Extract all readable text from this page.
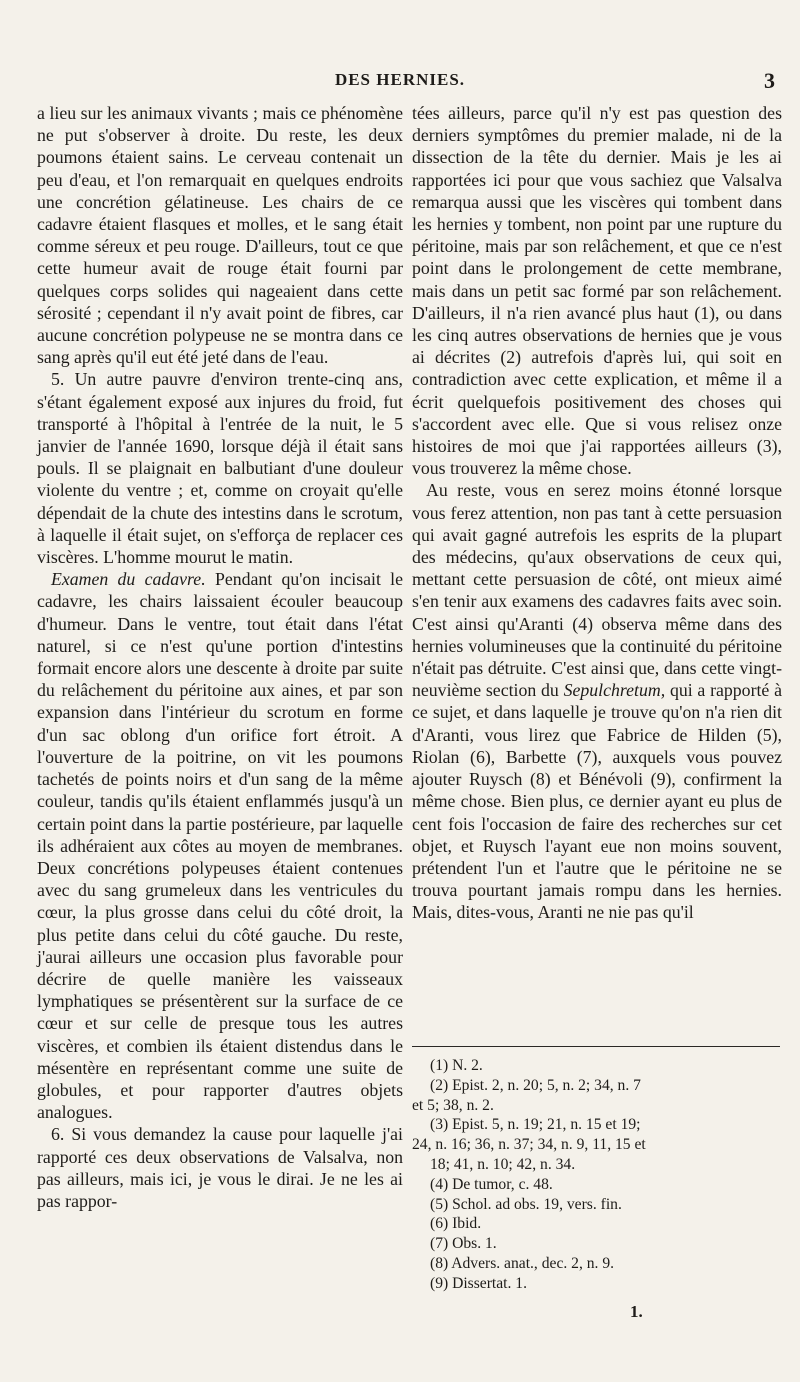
DES HERNIES.	3

a lieu sur les animaux vivants ; mais ce phénomène ne put s'observer à droite. Du reste, les deux poumons étaient sains. Le cerveau contenait un peu d'eau, et l'on remarquait en quelques endroits une concrétion gélatineuse. Les chairs de ce cadavre étaient flasques et molles, et le sang était comme séreux et peu rouge. D'ailleurs, tout ce que cette humeur avait de rouge était fourni par quelques corps solides qui nageaient dans cette sérosité ; cependant il n'y avait point de fibres, car aucune concrétion polypeuse ne se montra dans ce sang après qu'il eut été jeté dans de l'eau.

5. Un autre pauvre d'environ trente-cinq ans, s'étant également exposé aux injures du froid, fut transporté à l'hôpital à l'entrée de la nuit, le 5 janvier de l'année 1690, lorsque déjà il était sans pouls. Il se plaignait en balbutiant d'une douleur violente du ventre ; et, comme on croyait qu'elle dépendait de la chute des intestins dans le scrotum, à laquelle il était sujet, on s'efforça de replacer ces viscères. L'homme mourut le matin.

Examen du cadavre. Pendant qu'on incisait le cadavre, les chairs laissaient écouler beaucoup d'humeur. Dans le ventre, tout était dans l'état naturel, si ce n'est qu'une portion d'intestins formait encore alors une descente à droite par suite du relâchement du péritoine aux aines, et par son expansion dans l'intérieur du scrotum en forme d'un sac oblong d'un orifice fort étroit. A l'ouverture de la poitrine, on vit les poumons tachetés de points noirs et d'un sang de la même couleur, tandis qu'ils étaient enflammés jusqu'à un certain point dans la partie postérieure, par laquelle ils adhéraient aux côtes au moyen de membranes. Deux concrétions polypeuses étaient contenues avec du sang grumeleux dans les ventricules du cœur, la plus grosse dans celui du côté droit, la plus petite dans celui du côté gauche. Du reste, j'aurai ailleurs une occasion plus favorable pour décrire de quelle manière les vaisseaux lymphatiques se présentèrent sur la surface de ce cœur et sur celle de presque tous les autres viscères, et combien ils étaient distendus dans le mésentère en représentant comme une suite de globules, et pour rapporter d'autres objets analogues.

6. Si vous demandez la cause pour laquelle j'ai rapporté ces deux observations de Valsalva, non pas ailleurs, mais ici, je vous le dirai. Je ne les ai pas rappor-

tées ailleurs, parce qu'il n'y est pas question des derniers symptômes du premier malade, ni de la dissection de la tête du dernier. Mais je les ai rapportées ici pour que vous sachiez que Valsalva remarqua aussi que les viscères qui tombent dans les hernies y tombent, non point par une rupture du péritoine, mais par son relâchement, et que ce n'est point dans le prolongement de cette membrane, mais dans un petit sac formé par son relâchement. D'ailleurs, il n'a rien avancé plus haut (1), ou dans les cinq autres observations de hernies que je vous ai décrites (2) autrefois d'après lui, qui soit en contradiction avec cette explication, et même il a écrit quelquefois positivement des choses qui s'accordent avec elle. Que si vous relisez onze histoires de moi que j'ai rapportées ailleurs (3), vous trouverez la même chose.

Au reste, vous en serez moins étonné lorsque vous ferez attention, non pas tant à cette persuasion qui avait gagné autrefois les esprits de la plupart des médecins, qu'aux observations de ceux qui, mettant cette persuasion de côté, ont mieux aimé s'en tenir aux examens des cadavres faits avec soin. C'est ainsi qu'Aranti (4) observa même dans des hernies volumineuses que la continuité du péritoine n'était pas détruite. C'est ainsi que, dans cette vingt-neuvième section du Sepulchretum, qui a rapporté à ce sujet, et dans laquelle je trouve qu'on n'a rien dit d'Aranti, vous lirez que Fabrice de Hilden (5), Riolan (6), Barbette (7), auxquels vous pouvez ajouter Ruysch (8) et Bénévoli (9), confirment la même chose. Bien plus, ce dernier ayant eu plus de cent fois l'occasion de faire des recherches sur cet objet, et Ruysch l'ayant eue non moins souvent, prétendent l'un et l'autre que le péritoine ne se trouva pourtant jamais rompu dans les hernies. Mais, dites-vous, Aranti ne nie pas qu'il

(1) N. 2.
(2) Epist. 2, n. 20; 5, n. 2; 34, n. 7
et 5; 38, n. 2.
(3) Epist. 5, n. 19; 21, n. 15 et 19;
24, n. 16; 36, n. 37; 34, n. 9, 11, 15 et
18; 41, n. 10; 42, n. 34.
(4) De tumor, c. 48.
(5) Schol. ad obs. 19, vers. fin.
(6) Ibid.
(7) Obs. 1.
(8) Advers. anat., dec. 2, n. 9.
(9) Dissertat. 1.
1.
